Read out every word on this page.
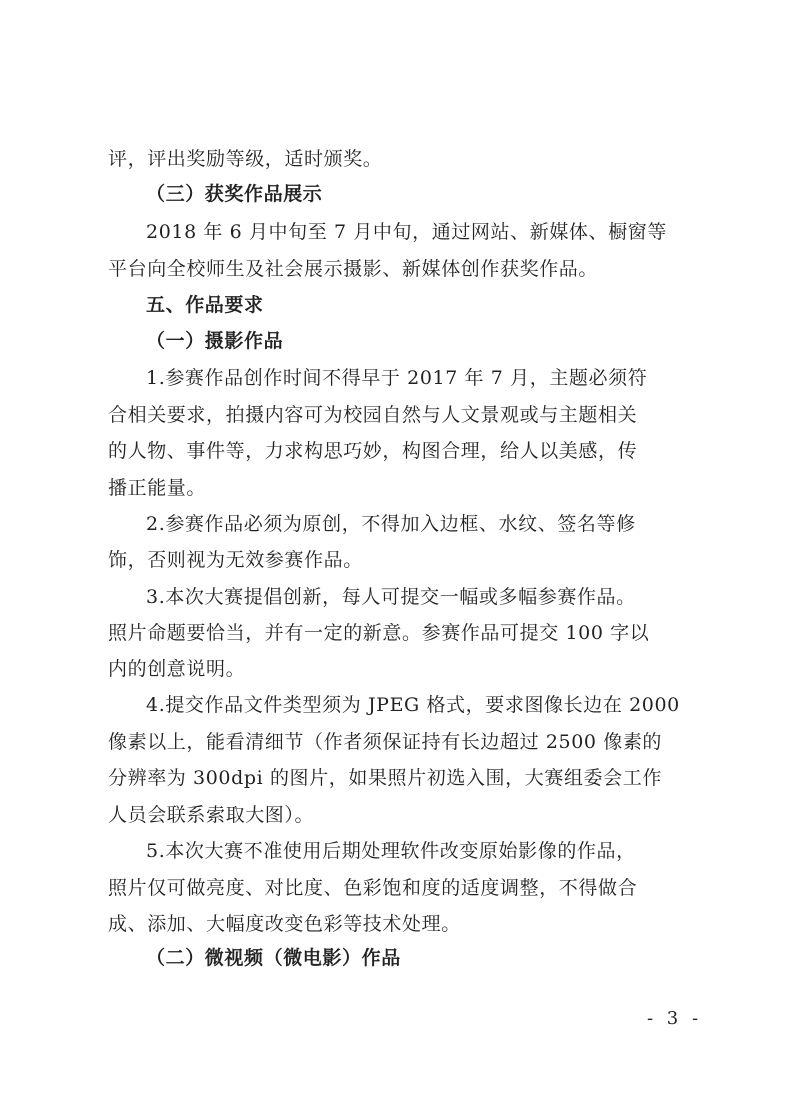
评，评出奖励等级，适时颁奖。
（三）获奖作品展示
2018 年 6 月中旬至 7 月中旬，通过网站、新媒体、橱窗等
平台向全校师生及社会展示摄影、新媒体创作获奖作品。
五、作品要求
（一）摄影作品
1.参赛作品创作时间不得早于 2017 年 7 月，主题必须符
合相关要求，拍摄内容可为校园自然与人文景观或与主题相关
的人物、事件等，力求构思巧妙，构图合理，给人以美感，传
播正能量。
2.参赛作品必须为原创，不得加入边框、水纹、签名等修
饰，否则视为无效参赛作品。
3.本次大赛提倡创新，每人可提交一幅或多幅参赛作品。
照片命题要恰当，并有一定的新意。参赛作品可提交 100 字以
内的创意说明。
4.提交作品文件类型须为 JPEG 格式，要求图像长边在 2000
像素以上，能看清细节（作者须保证持有长边超过 2500 像素的
分辨率为 300dpi 的图片，如果照片初选入围，大赛组委会工作
人员会联系索取大图）。
5.本次大赛不准使用后期处理软件改变原始影像的作品，
照片仅可做亮度、对比度、色彩饱和度的适度调整，不得做合
成、添加、大幅度改变色彩等技术处理。
（二）微视频（微电影）作品
- 3 -
